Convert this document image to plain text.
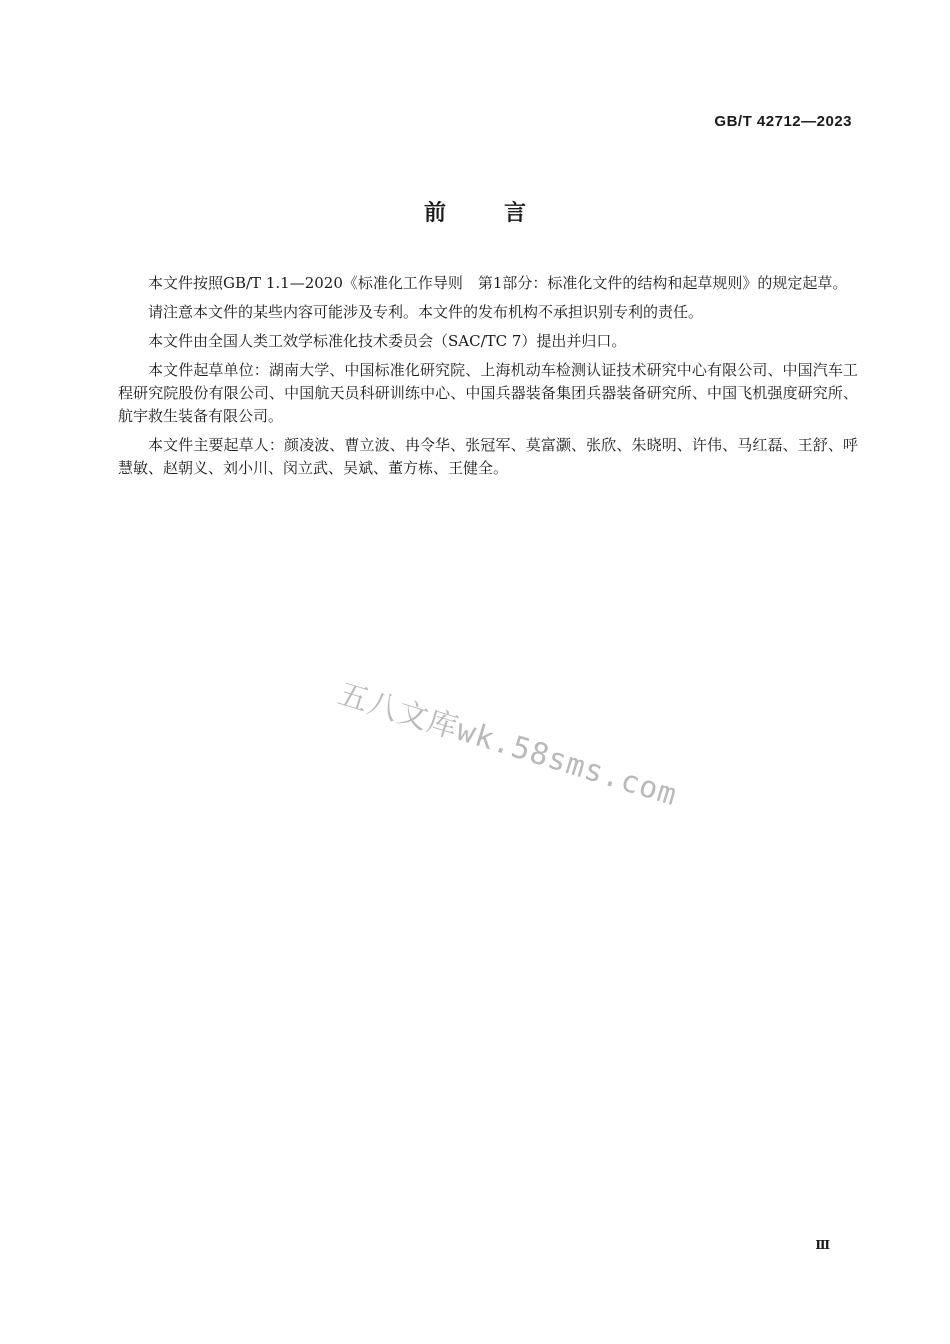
GB/T 42712—2023
前言

本文件按照GB/T 1.1—2020《标准化工作导则　第1部分：标准化文件的结构和起草规则》的规定起草。

请注意本文件的某些内容可能涉及专利。本文件的发布机构不承担识别专利的责任。

本文件由全国人类工效学标准化技术委员会（SAC/TC 7）提出并归口。

本文件起草单位：湖南大学、中国标准化研究院、上海机动车检测认证技术研究中心有限公司、中国汽车工程研究院股份有限公司、中国航天员科研训练中心、中国兵器装备集团兵器装备研究所、中国飞机强度研究所、航宇救生装备有限公司。

本文件主要起草人：颜凌波、曹立波、冉令华、张冠军、莫富灏、张欣、朱晓明、许伟、马红磊、王舒、呼慧敏、赵朝义、刘小川、闵立武、吴斌、董方栋、王健全。

五八文库wk.58sms.com
Ⅲ
